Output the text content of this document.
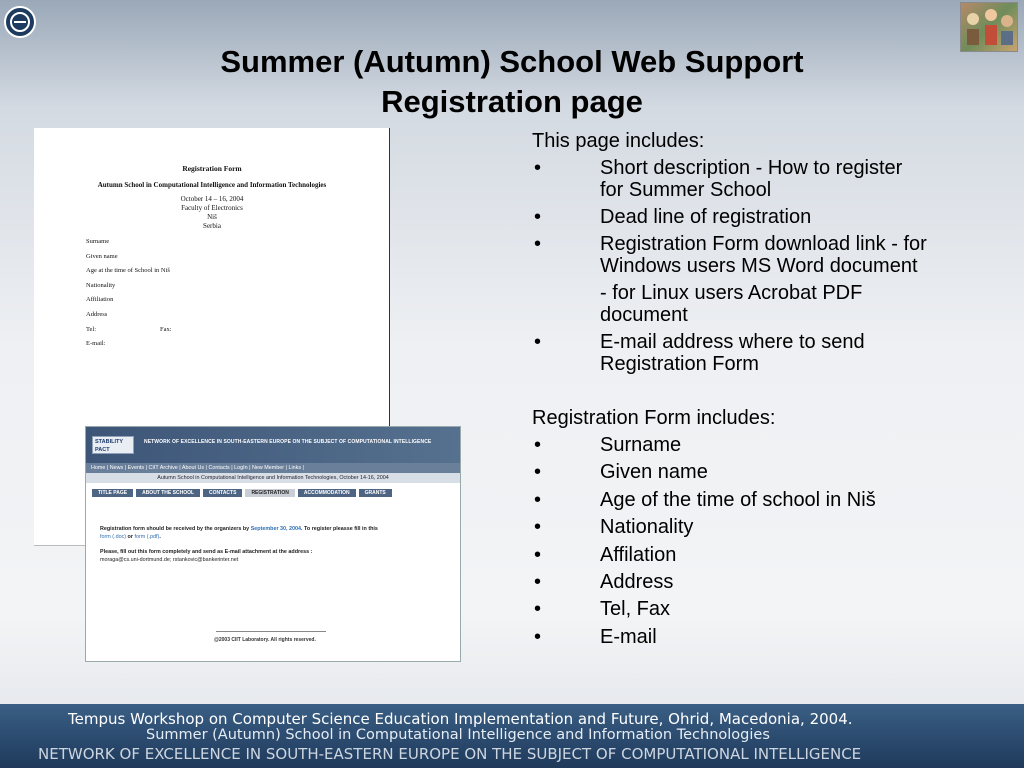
Summer (Autumn) School Web Support
Registration page
Registration Form
Autumn School in Computational Intelligence and Information Technologies
October 14 – 16, 2004
Faculty of Electronics
Niš
Serbia
Surname
Given name
Age at the time of School in Niš
Nationality
Affiliation
Address
Tel:	Fax:
E-mail:
STABILITY PACT
NETWORK OF EXCELLENCE IN SOUTH-EASTERN EUROPE ON THE SUBJECT OF COMPUTATIONAL INTELLIGENCE
Home | News | Events | CIIT Archive | About Us | Contacts | LogIn | New Member | Links |
Autumn School in Computational Intelligence and Information Technologies, October 14-16, 2004
TITLE PAGE	ABOUT THE SCHOOL	CONTACTS	REGISTRATION	ACCOMMODATION	GRANTS
Registration form should be received by the organizers by September 30, 2004. To register pleasse fill in this
form (.doc) or form (.pdf).
Please, fill out this form completely and send as E-mail attachment at the address :
moraga@cs.uni-dortmund.de; rstankovic@bankerinter.net
@2003 CIIT Laboratory. All rights reserved.
This page includes:
•	Short description - How to register for Summer School
•	Dead line of registration
•	Registration Form download link - for Windows users MS Word document
- for Linux users Acrobat PDF document
•	E-mail address where to send Registration Form
Registration Form includes:
•	Surname
•	Given name
•	Age of the time of school in Niš
•	Nationality
•	Affilation
•	Address
•	Tel, Fax
•	E-mail
Tempus Workshop on Computer Science Education Implementation and Future, Ohrid, Macedonia, 2004.
Summer (Autumn) School in Computational Intelligence and Information Technologies
NETWORK OF EXCELLENCE IN SOUTH-EASTERN EUROPE ON THE SUBJECT OF COMPUTATIONAL INTELLIGENCE
